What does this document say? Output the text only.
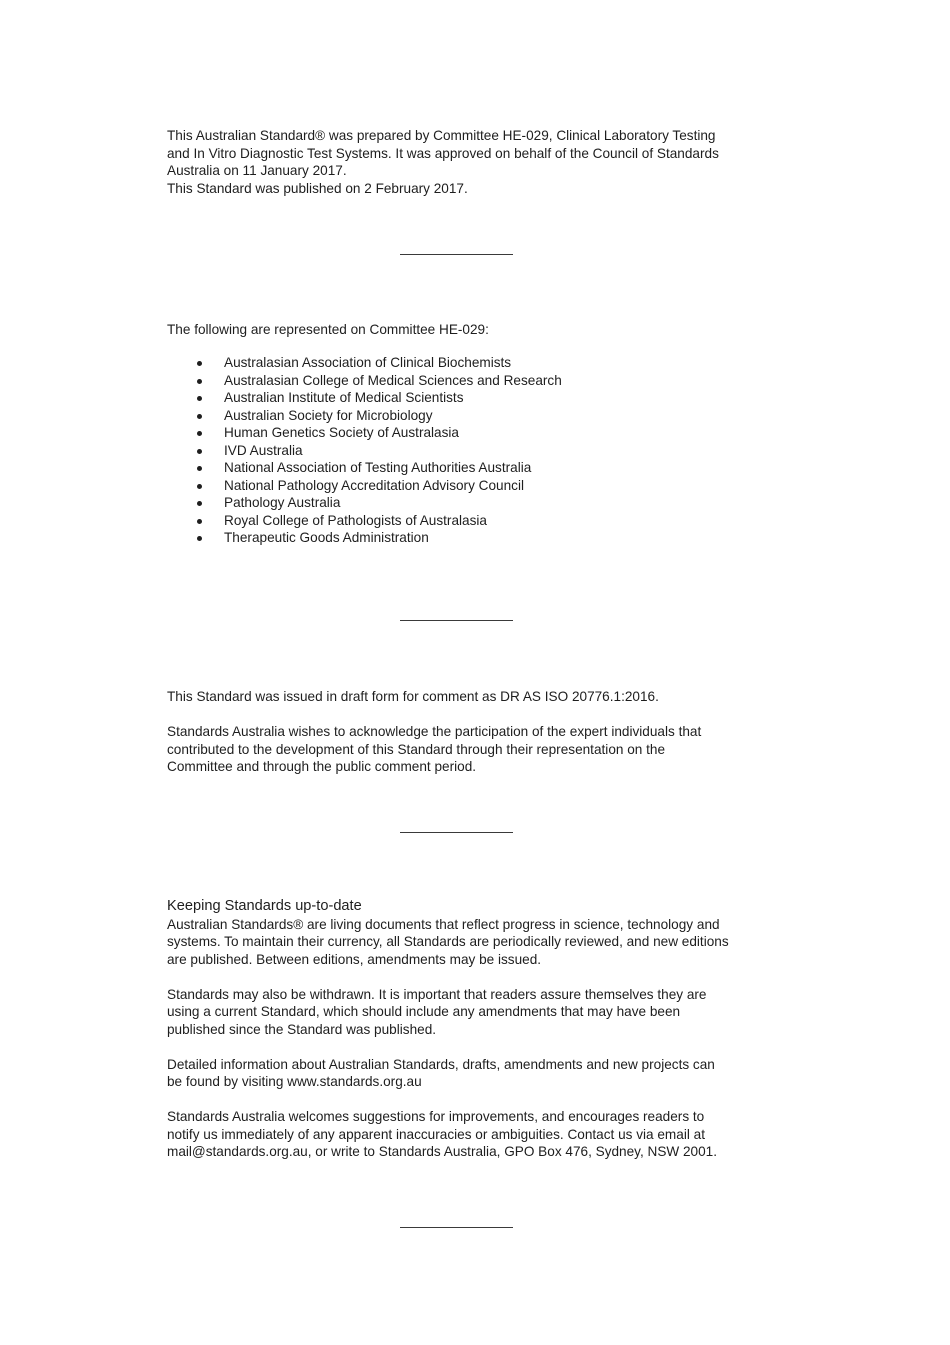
This Australian Standard® was prepared by Committee HE-029, Clinical Laboratory Testing

and In Vitro Diagnostic Test Systems. It was approved on behalf of the Council of Standards

Australia on 11 January 2017.

This Standard was published on 2 February 2017.

The following are represented on Committee HE-029:

Australasian Association of Clinical Biochemists
Australasian College of Medical Sciences and Research
Australian Institute of Medical Scientists
Australian Society for Microbiology
Human Genetics Society of Australasia
IVD Australia
National Association of Testing Authorities Australia
National Pathology Accreditation Advisory Council
Pathology Australia
Royal College of Pathologists of Australasia
Therapeutic Goods Administration

This Standard was issued in draft form for comment as DR AS ISO 20776.1:2016.

Standards Australia wishes to acknowledge the participation of the expert individuals that

contributed to the development of this Standard through their representation on the

Committee and through the public comment period.

Keeping Standards up-to-date

Australian Standards® are living documents that reflect progress in science, technology and

systems. To maintain their currency, all Standards are periodically reviewed, and new editions

are published. Between editions, amendments may be issued.

Standards may also be withdrawn. It is important that readers assure themselves they are

using a current Standard, which should include any amendments that may have been

published since the Standard was published.

Detailed information about Australian Standards, drafts, amendments and new projects can

be found by visiting www.standards.org.au

Standards Australia welcomes suggestions for improvements, and encourages readers to

notify us immediately of any apparent inaccuracies or ambiguities. Contact us via email at

mail@standards.org.au, or write to Standards Australia, GPO Box 476, Sydney, NSW 2001.
